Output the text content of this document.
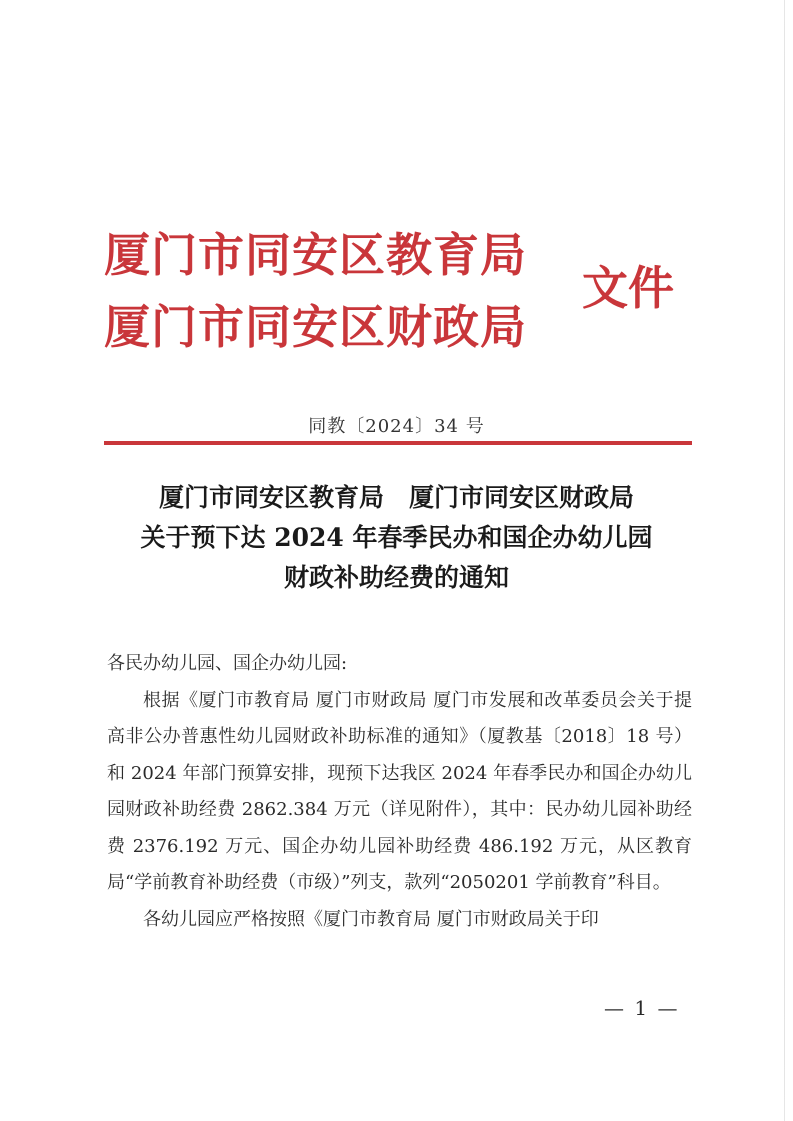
厦门市同安区教育局
厦门市同安区财政局
文件
同教〔2024〕34 号
厦门市同安区教育局　厦门市同安区财政局
关于预下达 2024 年春季民办和国企办幼儿园
财政补助经费的通知

各民办幼儿园、国企办幼儿园:

根据《厦门市教育局 厦门市财政局 厦门市发展和改革委员会关于提高非公办普惠性幼儿园财政补助标准的通知》（厦教基〔2018〕18 号）和 2024 年部门预算安排，现预下达我区 2024 年春季民办和国企办幼儿园财政补助经费 2862.384 万元（详见附件），其中：民办幼儿园补助经费 2376.192 万元、国企办幼儿园补助经费 486.192 万元，从区教育局“学前教育补助经费（市级）”列支，款列“2050201 学前教育”科目。

各幼儿园应严格按照《厦门市教育局 厦门市财政局关于印

— 1 —
